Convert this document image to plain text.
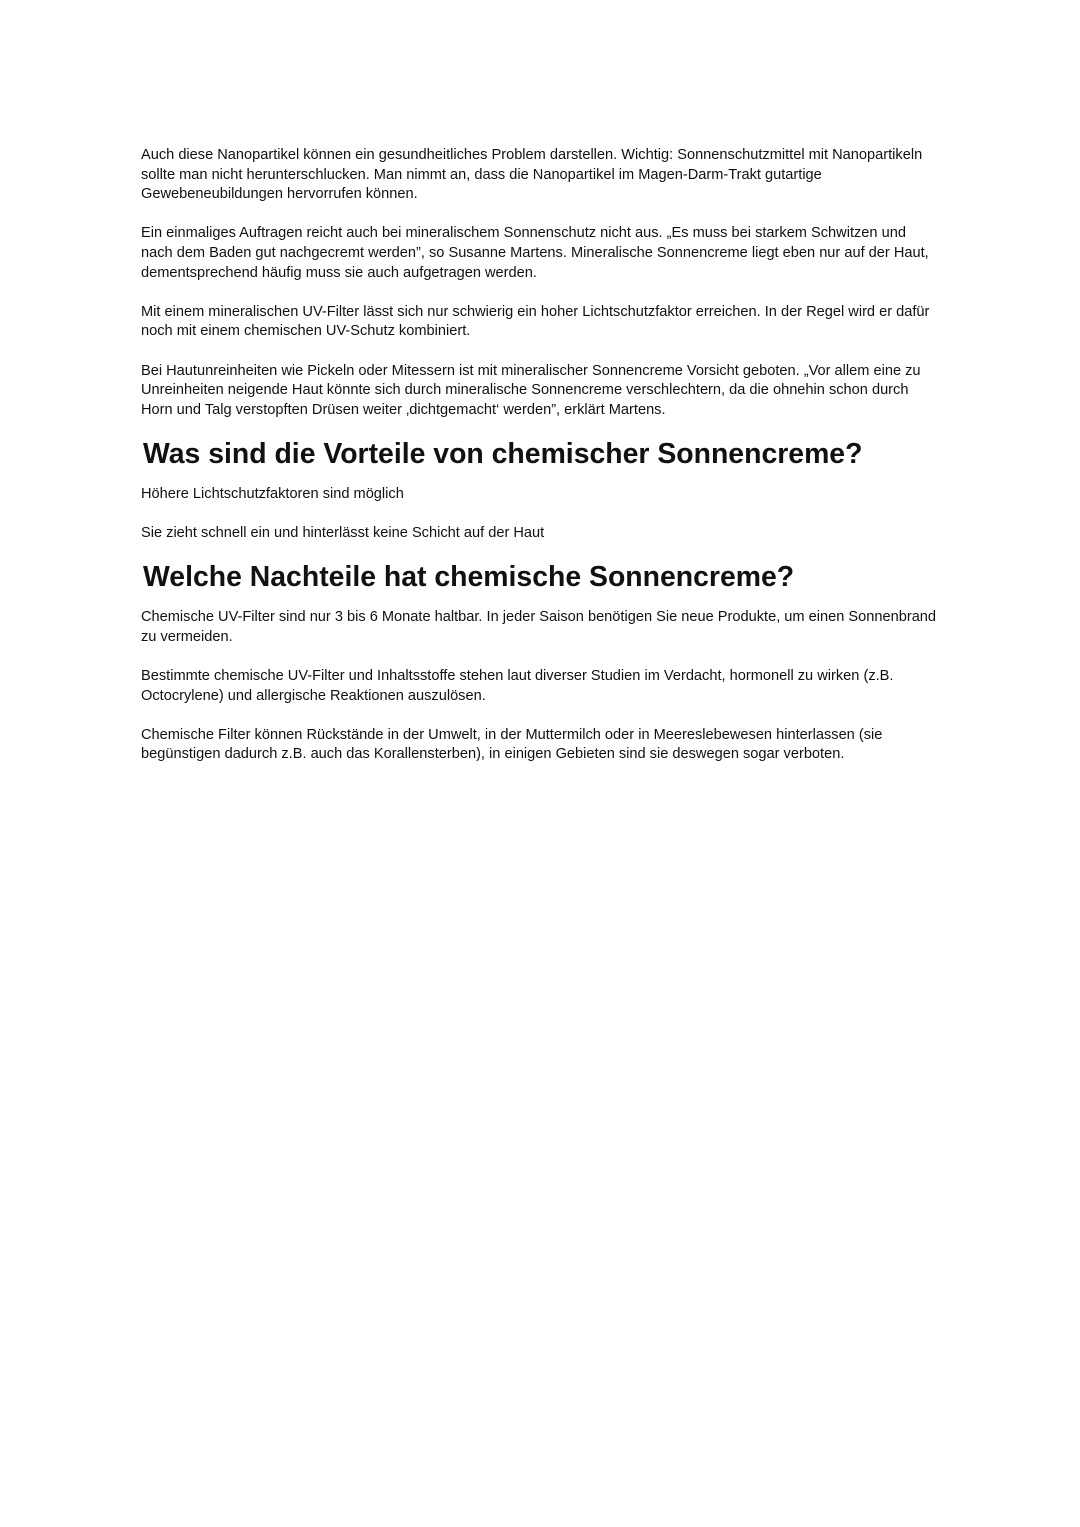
Auch diese Nanopartikel können ein gesundheitliches Problem darstellen. Wichtig: Sonnenschutzmittel mit Nanopartikeln sollte man nicht herunterschlucken. Man nimmt an, dass die Nanopartikel im Magen-Darm-Trakt gutartige Gewebeneubildungen hervorrufen können.

Ein einmaliges Auftragen reicht auch bei mineralischem Sonnenschutz nicht aus. „Es muss bei starkem Schwitzen und nach dem Baden gut nachgecremt werden”, so Susanne Martens. Mineralische Sonnencreme liegt eben nur auf der Haut, dementsprechend häufig muss sie auch aufgetragen werden.

Mit einem mineralischen UV-Filter lässt sich nur schwierig ein hoher Lichtschutzfaktor erreichen. In der Regel wird er dafür noch mit einem chemischen UV-Schutz kombiniert.

Bei Hautunreinheiten wie Pickeln oder Mitessern ist mit mineralischer Sonnencreme Vorsicht geboten. „Vor allem eine zu Unreinheiten neigende Haut könnte sich durch mineralische Sonnencreme verschlechtern, da die ohnehin schon durch Horn und Talg verstopften Drüsen weiter ‚dichtgemacht‘ werden”, erklärt Martens.

Was sind die Vorteile von chemischer Sonnencreme?

Höhere Lichtschutzfaktoren sind möglich

Sie zieht schnell ein und hinterlässt keine Schicht auf der Haut

Welche Nachteile hat chemische Sonnencreme?

Chemische UV-Filter sind nur 3 bis 6 Monate haltbar. In jeder Saison benötigen Sie neue Produkte, um einen Sonnenbrand zu vermeiden.

Bestimmte chemische UV-Filter und Inhaltsstoffe stehen laut diverser Studien im Verdacht, hormonell zu wirken (z.B. Octocrylene) und allergische Reaktionen auszulösen.

Chemische Filter können Rückstände in der Umwelt, in der Muttermilch oder in Meereslebewesen hinterlassen (sie begünstigen dadurch z.B. auch das Korallensterben), in einigen Gebieten sind sie deswegen sogar verboten.
